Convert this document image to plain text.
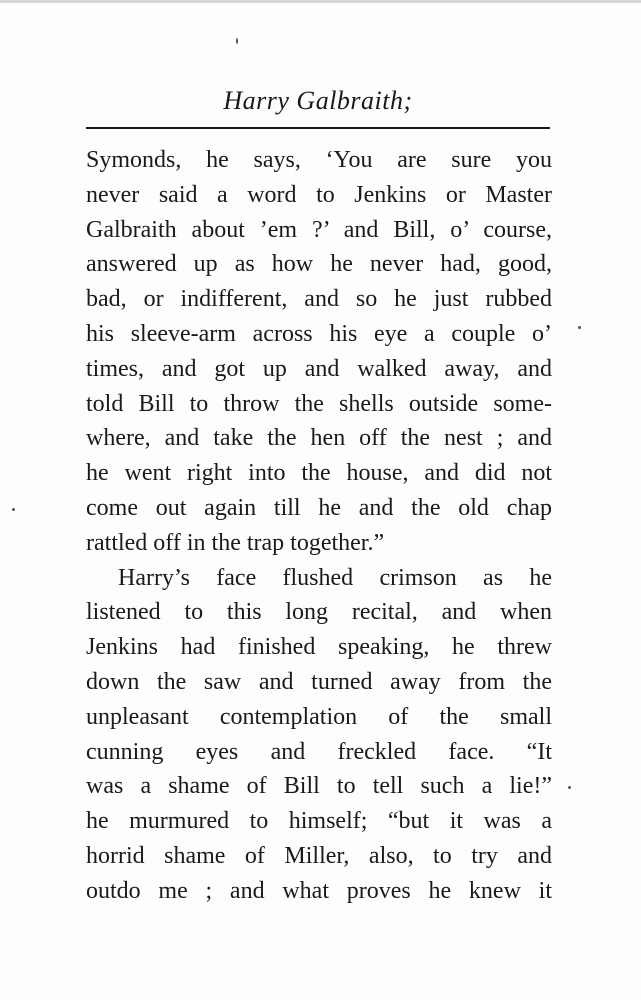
Harry Galbraith;
Symonds, he says, ‘You are sure you
never said a word to Jenkins or Master
Galbraith about ’em ?’ and Bill, o’ course,
answered up as how he never had, good,
bad, or indifferent, and so he just rubbed
his sleeve-arm across his eye a couple o’
times, and got up and walked away, and
told Bill to throw the shells outside some-
where, and take the hen off the nest ; and
he went right into the house, and did not
come out again till he and the old chap
rattled off in the trap together.”
Harry’s face flushed crimson as he
listened to this long recital, and when
Jenkins had finished speaking, he threw
down the saw and turned away from the
unpleasant contemplation of the small
cunning eyes and freckled face. “It
was a shame of Bill to tell such a lie!”
he murmured to himself; “but it was a
horrid shame of Miller, also, to try and
outdo me ; and what proves he knew it
